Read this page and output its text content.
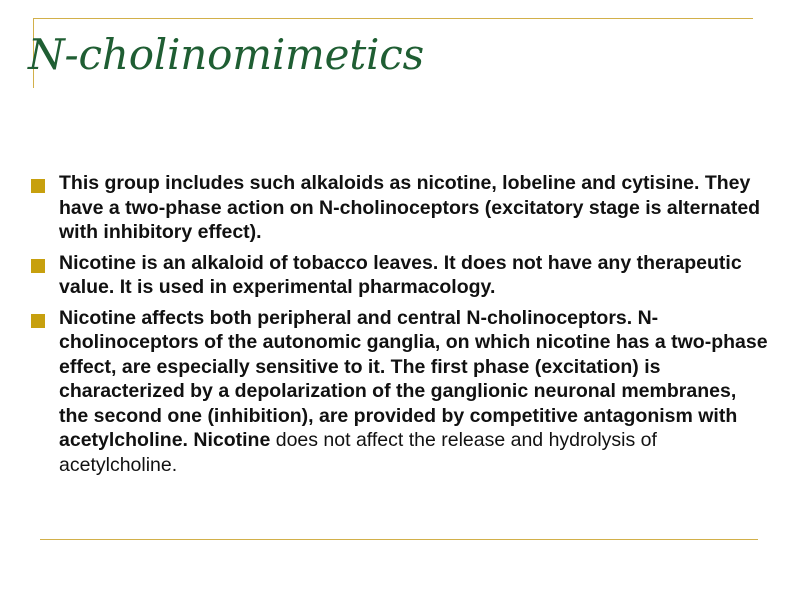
N-cholinomimetics
This group includes such alkaloids as nicotine, lobeline and cytisine. They have a two-phase action on N-cholinoceptors (excitatory stage is alternated with inhibitory effect).
Nicotine is an alkaloid of tobacco leaves. It does not have any therapeutic value. It is used in experimental pharmacology.
Nicotine affects both peripheral and central N-cholinoceptors. N-cholinoceptors of the autonomic ganglia, on which nicotine has a two-phase effect, are especially sensitive to it. The first phase (excitation) is characterized by a depolarization of the ganglionic neuronal membranes, the second one (inhibition), are provided by competitive antagonism with acetylcholine. Nicotine does not affect the release and hydrolysis of acetylcholine.
